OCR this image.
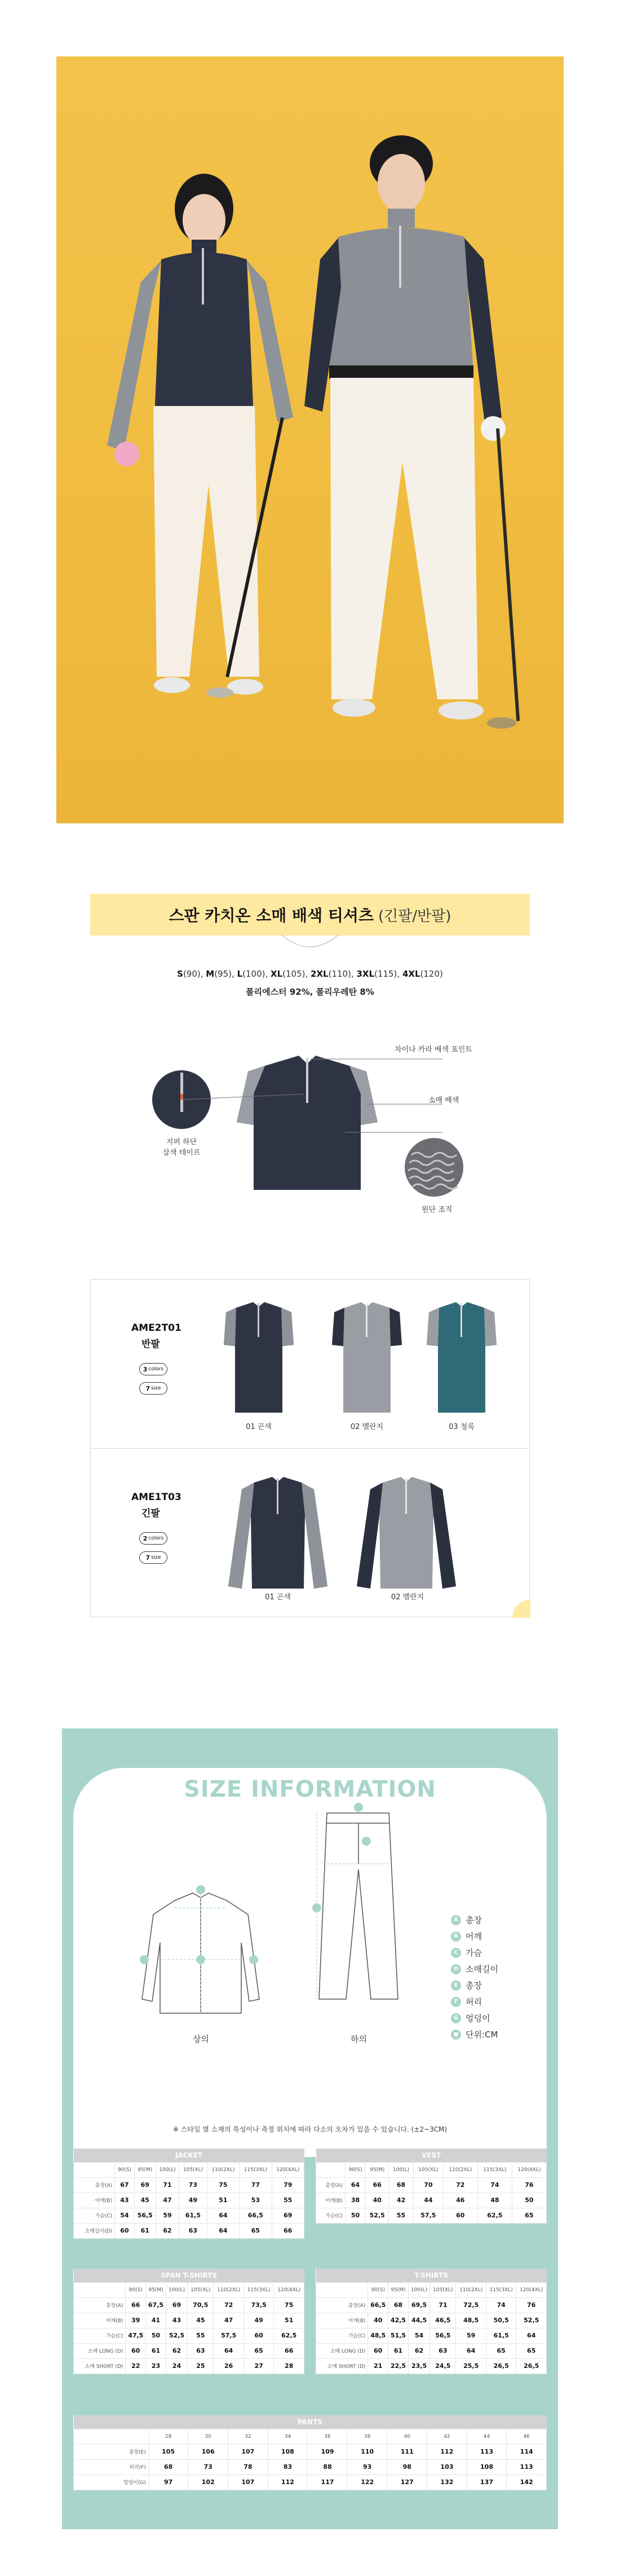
스판 카치온 소매 배색 티셔츠 (긴팔/반팔)
S(90), M(95), L(100), XL(105), 2XL(110), 3XL(115), 4XL(120)
폴리에스터 92%, 폴리우레탄 8%
차이나 카라 배색 포인트
소매 배색
지퍼 하단
삼색 테이프
원단 조직
AME2T01
반팔
3 colors
7 size
01 곤색	02 멜란지	03 청록
AME1T03
긴팔
2 colors
7 size
01 곤색	02 멜란지
SIZE INFORMATION
상의	하의
A 총장
B 어깨
C 가슴
D 소매길이
E 총장
F 허리
G 엉덩이
● 단위:CM
※ 스타일 별 소재의 특성이나 측정 위치에 따라 다소의 오차가 있을 수 있습니다. (±2~3CM)
JACKET							
	90(S)	95(M)	100(L)	105(XL)	110(2XL)	115(3XL)	120(4XL)
총장(A)	67	69	71	73	75	77	79
어깨(B)	43	45	47	49	51	53	55
가슴(C)	54	56,5	59	61,5	64	66,5	69
소매길이(D)	60	61	62	63	64	65	66
VEST							
	90(S)	95(M)	100(L)	105(XL)	110(2XL)	115(3XL)	120(4XL)
총장(A)	64	66	68	70	72	74	76
어깨(B)	38	40	42	44	46	48	50
가슴(C)	50	52,5	55	57,5	60	62,5	65
SPAN T-SHIRTS							
	90(S)	95(M)	100(L)	105(XL)	110(2XL)	115(3XL)	120(4XL)
총장(A)	66	67,5	69	70,5	72	73,5	75
어깨(B)	39	41	43	45	47	49	51
가슴(C)	47,5	50	52,5	55	57,5	60	62,5
소매 LONG (D)	60	61	62	63	64	65	66
소매 SHORT (D)	22	23	24	25	26	27	28
T-SHIRTS							
	90(S)	95(M)	100(L)	105(XL)	110(2XL)	115(3XL)	120(4XL)
총장(A)	66,5	68	69,5	71	72,5	74	76
어깨(B)	40	42,5	44,5	46,5	48,5	50,5	52,5
가슴(C)	48,5	51,5	54	56,5	59	61,5	64
소매 LONG (D)	60	61	62	63	64	65	65
소매 SHORT (D)	21	22,5	23,5	24,5	25,5	26,5	26,5
PANTS										
	28	30	32	34	36	38	40	42	44	46
총장(E)	105	106	107	108	109	110	111	112	113	114
허리(F)	68	73	78	83	88	93	98	103	108	113
엉덩이(G)	97	102	107	112	117	122	127	132	137	142
